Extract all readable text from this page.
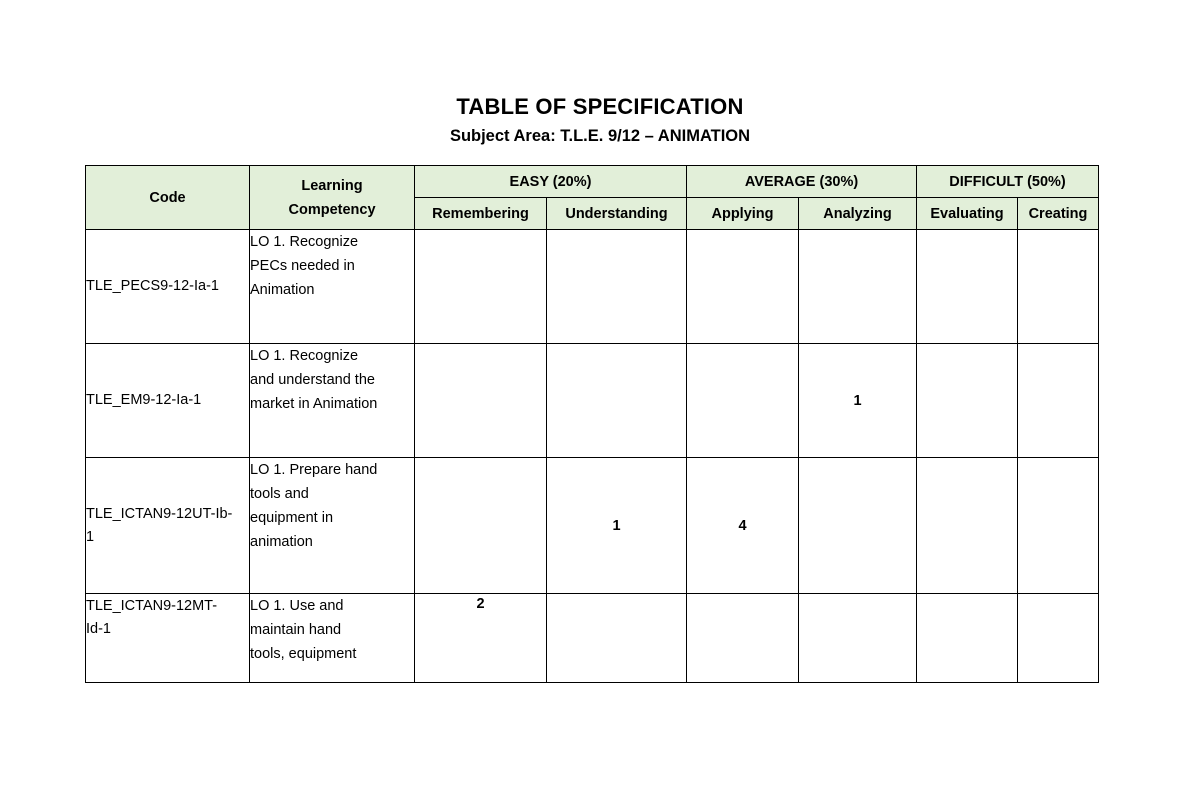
TABLE OF SPECIFICATION
Subject Area: T.L.E. 9/12 – ANIMATION
Code	Learning
Competency	EASY (20%)		AVERAGE (30%)		DIFFICULT (50%)	
		Remembering	Understanding	Applying	Analyzing	Evaluating	Creating

TLE_PECS9-12-Ia-1	LO 1. Recognize
PECs needed in
Animation						

TLE_EM9-12-Ia-1	LO 1. Recognize
and understand the
market in Animation				1		

TLE_ICTAN9-12UT-Ib-
1	LO 1. Prepare hand
tools and
equipment in
animation		1	4			

TLE_ICTAN9-12MT-
Id-1	LO 1. Use and
maintain hand
tools, equipment	2					
